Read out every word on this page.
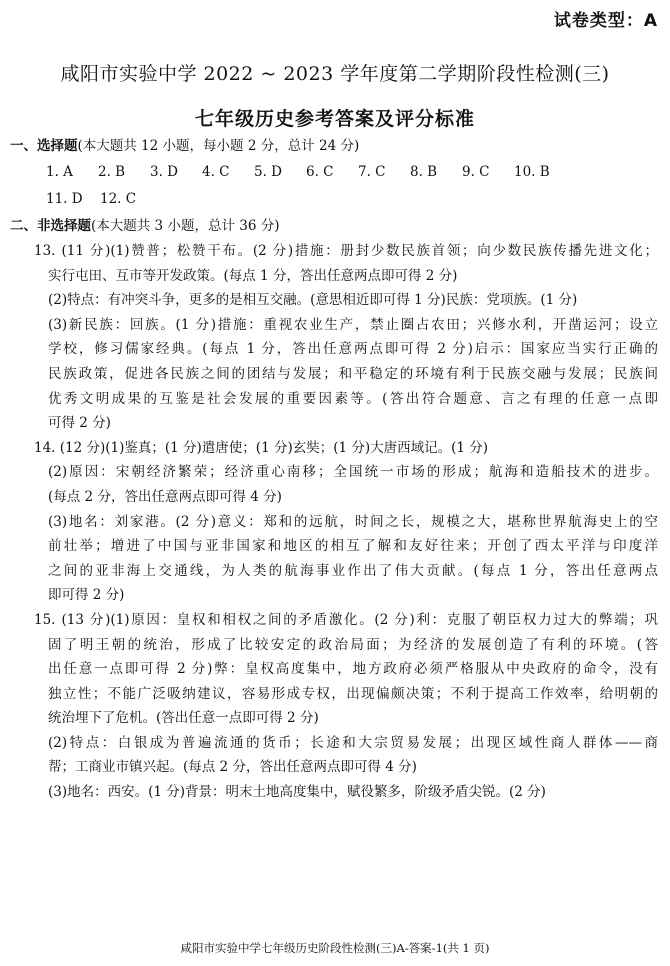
试卷类型：A
咸阳市实验中学 2022 ~ 2023 学年度第二学期阶段性检测(三)
七年级历史参考答案及评分标准
一、选择题(本大题共 12 小题，每小题 2 分，总计 24 分)
1. A	2. B	3. D	4. C	5. D	6. C	7. C	8. B	9. C	10. B
11. D	12. C
二、非选择题(本大题共 3 小题，总计 36 分)
13. (11 分)(1)赞普；松赞干布。(2 分)措施：册封少数民族首领；向少数民族传播先进文化；
实行屯田、互市等开发政策。(每点 1 分，答出任意两点即可得 2 分)
(2)特点：有冲突斗争，更多的是相互交融。(意思相近即可得 1 分)民族：党项族。(1 分)
(3)新民族：回族。(1 分)措施：重视农业生产，禁止圈占农田；兴修水利，开凿运河；设立
学校，修习儒家经典。(每点 1 分，答出任意两点即可得 2 分)启示：国家应当实行正确的
民族政策，促进各民族之间的团结与发展；和平稳定的环境有利于民族交融与发展；民族间
优秀文明成果的互鉴是社会发展的重要因素等。(答出符合题意、言之有理的任意一点即
可得 2 分)
14. (12 分)(1)鉴真；(1 分)遣唐使；(1 分)玄奘；(1 分)大唐西域记。(1 分)
(2)原因：宋朝经济繁荣；经济重心南移；全国统一市场的形成；航海和造船技术的进步。
(每点 2 分，答出任意两点即可得 4 分)
(3)地名：刘家港。(2 分)意义：郑和的远航，时间之长，规模之大，堪称世界航海史上的空
前壮举；增进了中国与亚非国家和地区的相互了解和友好往来；开创了西太平洋与印度洋
之间的亚非海上交通线，为人类的航海事业作出了伟大贡献。(每点 1 分，答出任意两点
即可得 2 分)
15. (13 分)(1)原因：皇权和相权之间的矛盾激化。(2 分)利：克服了朝臣权力过大的弊端；巩
固了明王朝的统治，形成了比较安定的政治局面；为经济的发展创造了有利的环境。(答
出任意一点即可得 2 分)弊：皇权高度集中，地方政府必须严格服从中央政府的命令，没有
独立性；不能广泛吸纳建议，容易形成专权，出现偏颇决策；不利于提高工作效率，给明朝的
统治埋下了危机。(答出任意一点即可得 2 分)
(2)特点：白银成为普遍流通的货币；长途和大宗贸易发展；出现区域性商人群体——商
帮；工商业市镇兴起。(每点 2 分，答出任意两点即可得 4 分)
(3)地名：西安。(1 分)背景：明末土地高度集中，赋役繁多，阶级矛盾尖锐。(2 分)
咸阳市实验中学七年级历史阶段性检测(三)A-答案-1(共 1 页)
